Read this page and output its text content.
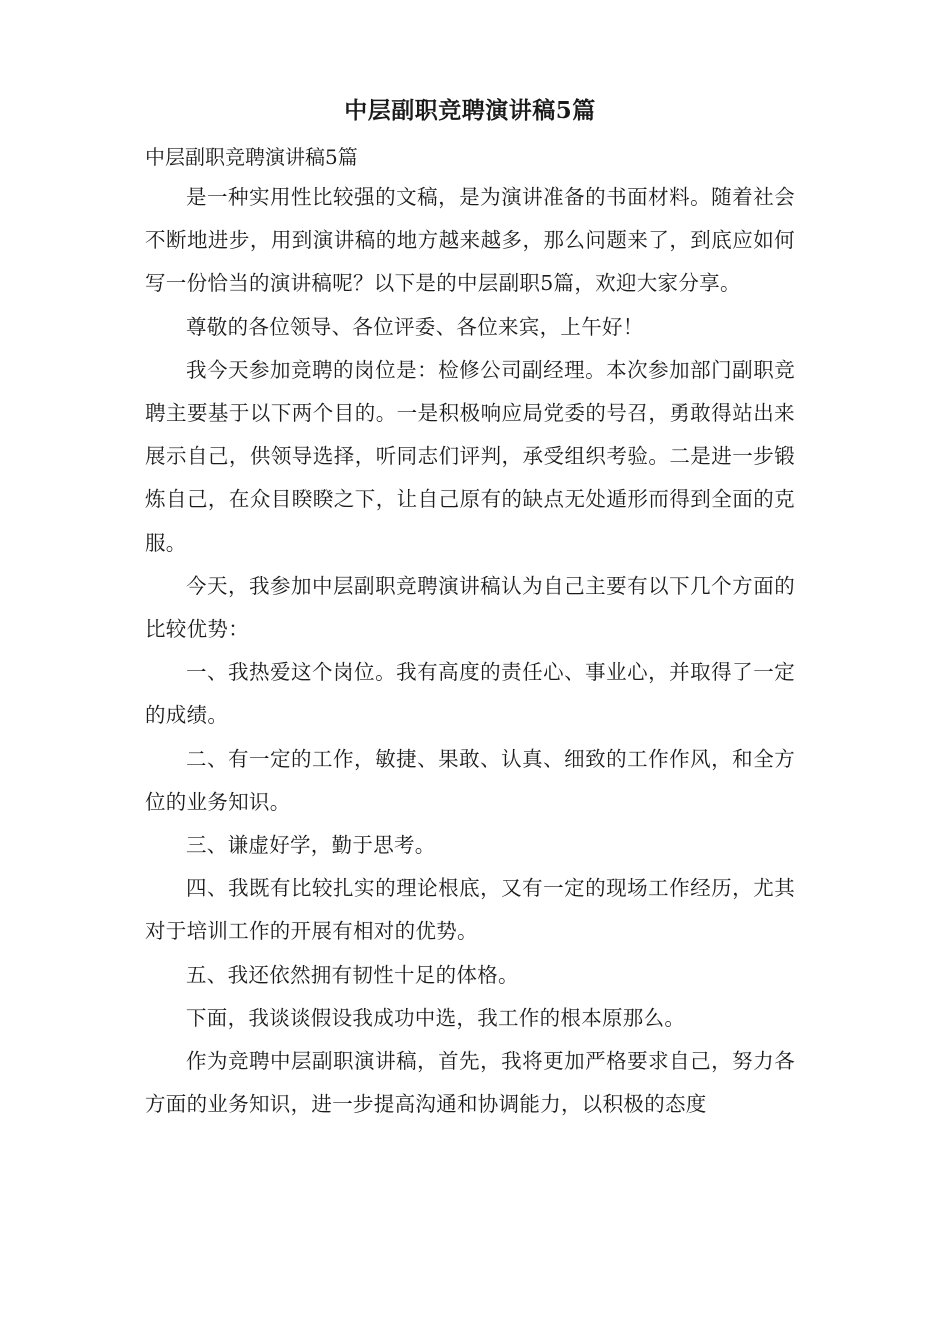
中层副职竞聘演讲稿5篇

中层副职竞聘演讲稿5篇

是一种实用性比较强的文稿，是为演讲准备的书面材料。随着社会不断地进步，用到演讲稿的地方越来越多，那么问题来了，到底应如何写一份恰当的演讲稿呢？以下是的中层副职5篇，欢迎大家分享。

尊敬的各位领导、各位评委、各位来宾，上午好！

我今天参加竞聘的岗位是：检修公司副经理。本次参加部门副职竞聘主要基于以下两个目的。一是积极响应局党委的号召，勇敢得站出来展示自己，供领导选择，听同志们评判，承受组织考验。二是进一步锻炼自己，在众目睽睽之下，让自己原有的缺点无处遁形而得到全面的克服。

今天，我参加中层副职竞聘演讲稿认为自己主要有以下几个方面的比较优势：

一、我热爱这个岗位。我有高度的责任心、事业心，并取得了一定的成绩。

二、有一定的工作，敏捷、果敢、认真、细致的工作作风，和全方位的业务知识。

三、谦虚好学，勤于思考。

四、我既有比较扎实的理论根底，又有一定的现场工作经历，尤其对于培训工作的开展有相对的优势。

五、我还依然拥有韧性十足的体格。

下面，我谈谈假设我成功中选，我工作的根本原那么。

作为竞聘中层副职演讲稿，首先，我将更加严格要求自己，努力各方面的业务知识，进一步提高沟通和协调能力，以积极的态度
